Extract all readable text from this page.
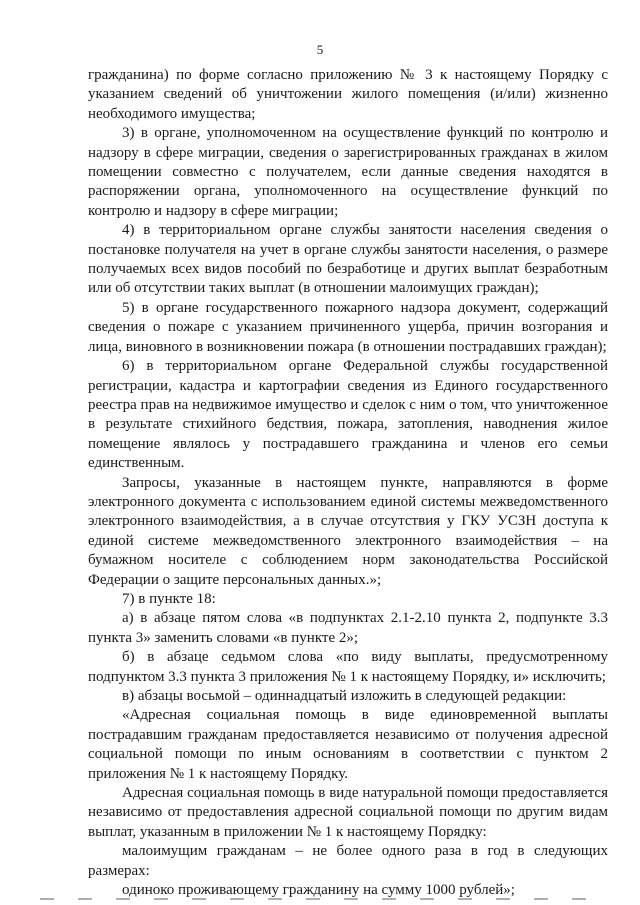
5

гражданина) по форме согласно приложению № 3 к настоящему Порядку с указанием сведений об уничтожении жилого помещения (и/или) жизненно необходимого имущества;

3) в органе, уполномоченном на осуществление функций по контролю и надзору в сфере миграции, сведения о зарегистрированных гражданах в жилом помещении совместно с получателем, если данные сведения находятся в распоряжении органа, уполномоченного на осуществление функций по контролю и надзору в сфере миграции;

4) в территориальном органе службы занятости населения сведения о постановке получателя на учет в органе службы занятости населения, о размере получаемых всех видов пособий по безработице и других выплат безработным или об отсутствии таких выплат (в отношении малоимущих граждан);

5) в органе государственного пожарного надзора документ, содержащий сведения о пожаре с указанием причиненного ущерба, причин возгорания и лица, виновного в возникновении пожара (в отношении пострадавших граждан);

6) в территориальном органе Федеральной службы государственной регистрации, кадастра и картографии сведения из Единого государственного реестра прав на недвижимое имущество и сделок с ним о том, что уничтоженное в результате стихийного бедствия, пожара, затопления, наводнения жилое помещение являлось у пострадавшего гражданина и членов его семьи единственным.

Запросы, указанные в настоящем пункте, направляются в форме электронного документа с использованием единой системы межведомственного электронного взаимодействия, а в случае отсутствия у ГКУ УСЗН доступа к единой системе межведомственного электронного взаимодействия – на бумажном носителе с соблюдением норм законодательства Российской Федерации о защите персональных данных.»;

7) в пункте 18:

а) в абзаце пятом слова «в подпунктах 2.1-2.10 пункта 2, подпункте 3.3 пункта 3» заменить словами «в пункте 2»;

б) в абзаце седьмом слова «по виду выплаты, предусмотренному подпунктом 3.3 пункта 3 приложения № 1 к настоящему Порядку, и» исключить;

в) абзацы восьмой – одиннадцатый изложить в следующей редакции:

«Адресная социальная помощь в виде единовременной выплаты пострадавшим гражданам предоставляется независимо от получения адресной социальной помощи по иным основаниям в соответствии с пунктом 2 приложения № 1 к настоящему Порядку.

Адресная социальная помощь в виде натуральной помощи предоставляется независимо от предоставления адресной социальной помощи по другим видам выплат, указанным в приложении № 1 к настоящему Порядку:

малоимущим гражданам – не более одного раза в год в следующих размерах:

одиноко проживающему гражданину на сумму 1000 рублей»;
